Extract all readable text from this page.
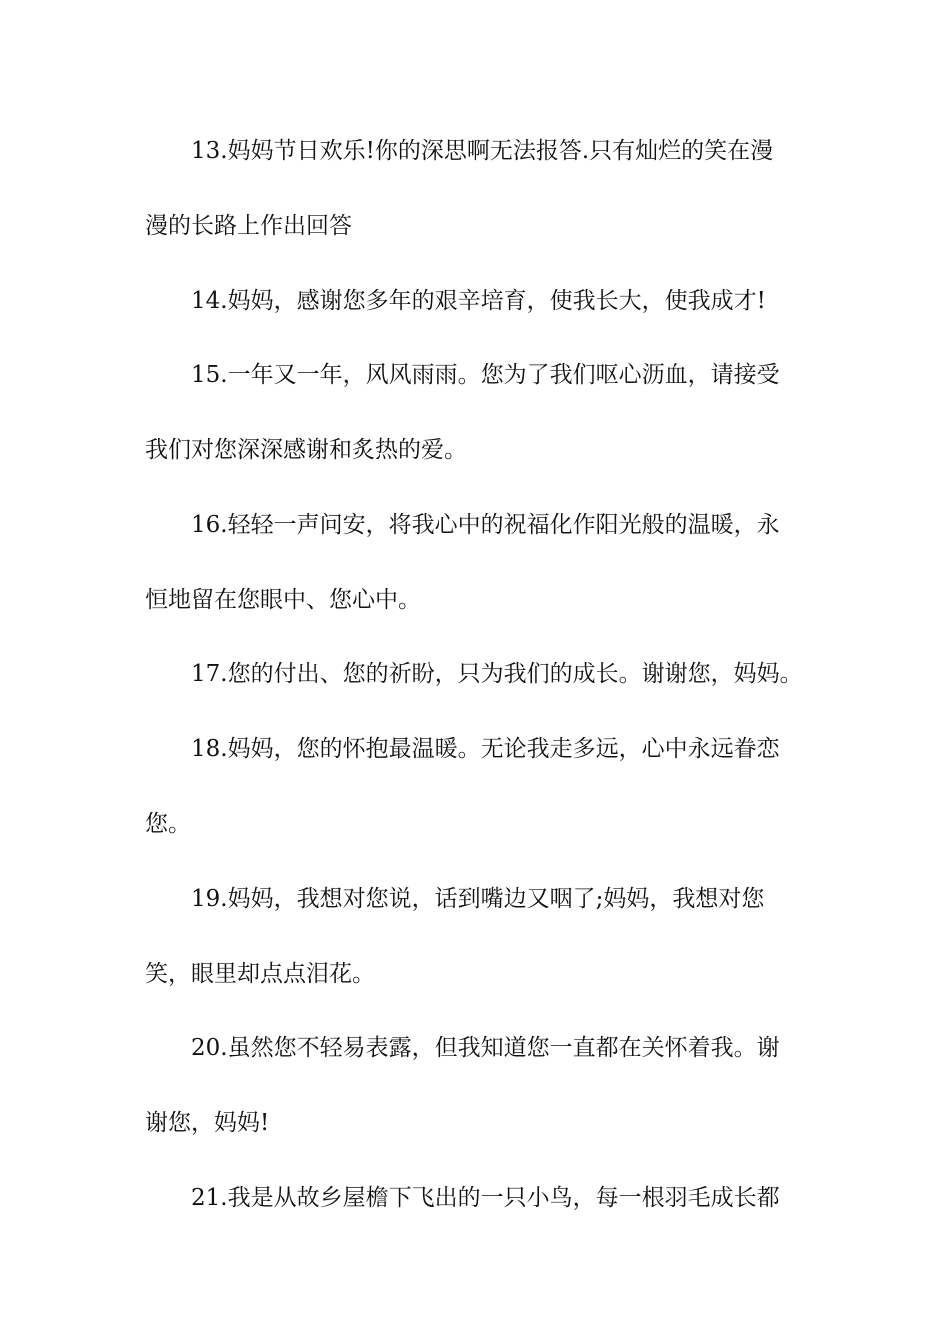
13.妈妈节日欢乐!你的深思啊无法报答.只有灿烂的笑在漫
漫的长路上作出回答
14.妈妈，感谢您多年的艰辛培育，使我长大，使我成才!
15.一年又一年，风风雨雨。您为了我们呕心沥血，请接受
我们对您深深感谢和炙热的爱。
16.轻轻一声问安，将我心中的祝福化作阳光般的温暖，永
恒地留在您眼中、您心中。
17.您的付出、您的祈盼，只为我们的成长。谢谢您，妈妈。
18.妈妈，您的怀抱最温暖。无论我走多远，心中永远眷恋
您。
19.妈妈，我想对您说，话到嘴边又咽了;妈妈，我想对您
笑，眼里却点点泪花。
20.虽然您不轻易表露，但我知道您一直都在关怀着我。谢
谢您，妈妈!
21.我是从故乡屋檐下飞出的一只小鸟，每一根羽毛成长都
